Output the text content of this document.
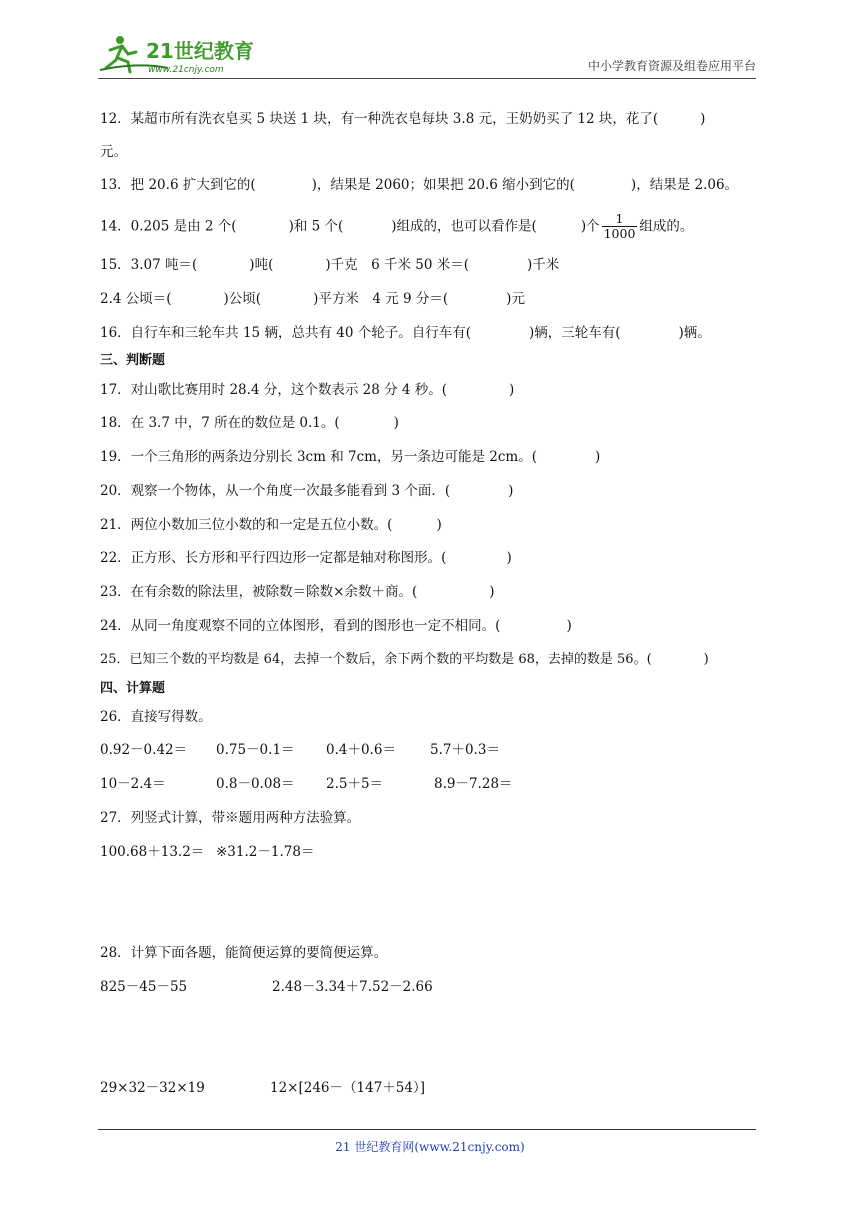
21世纪教育
www.21cnjy.com	中小学教育资源及组卷应用平台
12．某超市所有洗衣皂买 5 块送 1 块，有一种洗衣皂每块 3.8 元，王奶奶买了 12 块，花了(	)
元。
13．把 20.6 扩大到它的(	)，结果是 2060；如果把 20.6 缩小到它的(	)，结果是 2.06。
14．0.205 是由 2 个(	)和 5 个(	)组成的，也可以看作是(	)个 $\frac{1}{1000}$ 组成的。
15．3.07 吨＝(	)吨(	)千克　6 千米 50 米＝(	)千米
2.4 公顷＝(	)公顷(	)平方米　4 元 9 分＝(	)元
16．自行车和三轮车共 15 辆，总共有 40 个轮子。自行车有(	)辆，三轮车有(	)辆。
三、判断题
17．对山歌比赛用时 28.4 分，这个数表示 28 分 4 秒。(	)
18．在 3.7 中，7 所在的数位是 0.1。(	)
19．一个三角形的两条边分别长 3cm 和 7cm，另一条边可能是 2cm。(	)
20．观察一个物体，从一个角度一次最多能看到 3 个面．(	)
21．两位小数加三位小数的和一定是五位小数。(	)
22．正方形、长方形和平行四边形一定都是轴对称图形。(	)
23．在有余数的除法里，被除数＝除数×余数＋商。(	)
24．从同一角度观察不同的立体图形，看到的图形也一定不相同。(	)
25．已知三个数的平均数是 64，去掉一个数后，余下两个数的平均数是 68，去掉的数是 56。(	)
四、计算题
26．直接写得数。
0.92－0.42＝ 0.75－0.1＝ 0.4＋0.6＝	5.7＋0.3＝
10－2.4＝	0.8－0.08＝ 2.5＋5＝	8.9－7.28＝
27．列竖式计算，带※题用两种方法验算。
100.68＋13.2＝ ※31.2－1.78＝
28．计算下面各题，能简便运算的要简便运算。
825－45－55	2.48－3.34＋7.52－2.66
29×32－32×19	12×[246－（147＋54）]
21 世纪教育网(www.21cnjy.com)
